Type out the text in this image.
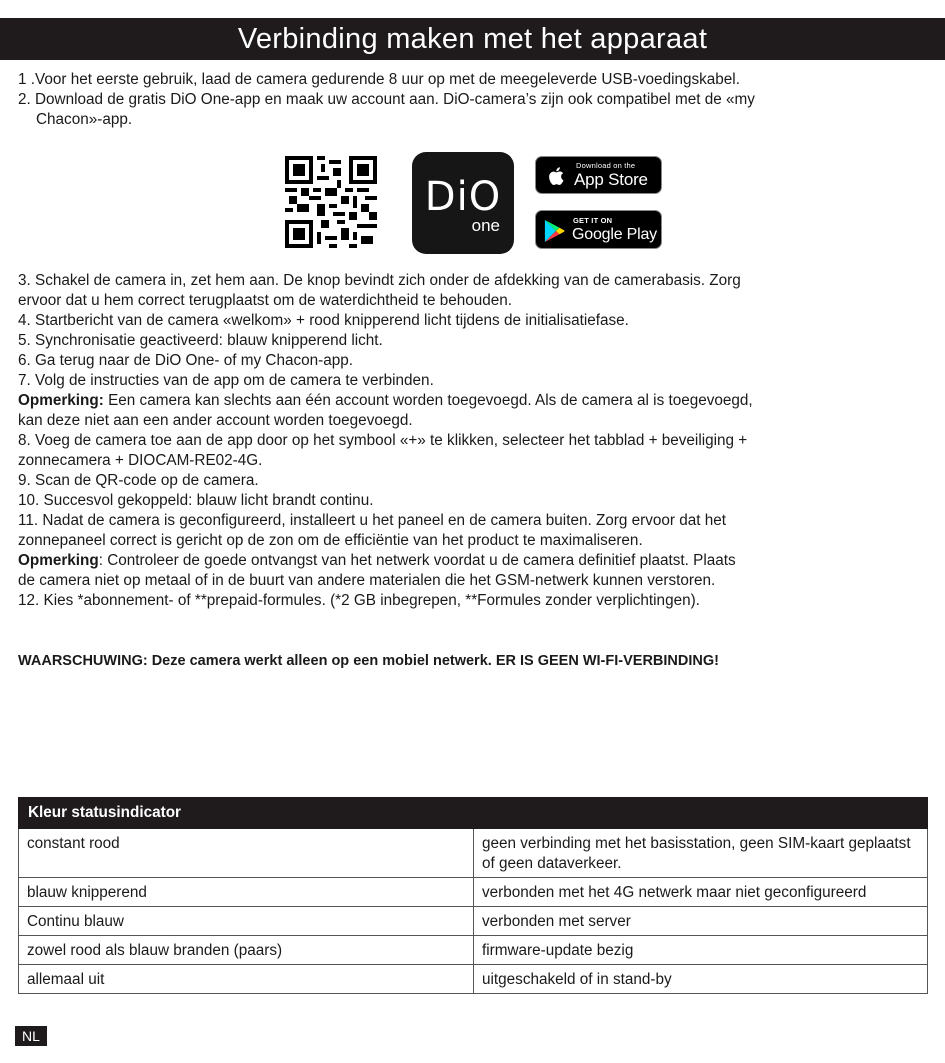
Verbinding maken met het apparaat

1 .Voor het eerste gebruik, laad de camera gedurende 8 uur op met de meegeleverde USB-voedingskabel.

2. Download de gratis DiO One-app en maak uw account aan. DiO-camera’s zijn ook compatibel met de «my

Chacon»-app.

DiO
one
Download on the
App Store
GET IT ON
Google Play

3. Schakel de camera in, zet hem aan. De knop bevindt zich onder de afdekking van de camerabasis. Zorg

ervoor dat u hem correct terugplaatst om de waterdichtheid te behouden.

4. Startbericht van de camera «welkom» + rood knipperend licht tijdens de initialisatiefase.

5. Synchronisatie geactiveerd: blauw knipperend licht.

6. Ga terug naar de DiO One- of my Chacon-app.

7. Volg de instructies van de app om de camera te verbinden.

Opmerking: Een camera kan slechts aan één account worden toegevoegd. Als de camera al is toegevoegd,

kan deze niet aan een ander account worden toegevoegd.

8. Voeg de camera toe aan de app door op het symbool «+» te klikken, selecteer het tabblad + beveiliging +

zonnecamera + DIOCAM-RE02-4G.

9. Scan de QR-code op de camera.

10. Succesvol gekoppeld: blauw licht brandt continu.

11. Nadat de camera is geconfigureerd, installeert u het paneel en de camera buiten. Zorg ervoor dat het

zonnepaneel correct is gericht op de zon om de efficiëntie van het product te maximaliseren.

Opmerking: Controleer de goede ontvangst van het netwerk voordat u de camera definitief plaatst. Plaats

de camera niet op metaal of in de buurt van andere materialen die het GSM-netwerk kunnen verstoren.

12. Kies *abonnement- of **prepaid-formules. (*2 GB inbegrepen, **Formules zonder verplichtingen).

WAARSCHUWING: Deze camera werkt alleen op een mobiel netwerk. ER IS GEEN WI-FI-VERBINDING!
Kleur statusindicator	
constant rood	geen verbinding met het basisstation, geen SIM-kaart geplaatst of geen dataverkeer.
blauw knipperend	verbonden met het 4G netwerk maar niet geconfigureerd
Continu blauw	verbonden met server
zowel rood als blauw branden (paars)	firmware-update bezig
allemaal uit	uitgeschakeld of in stand-by
NL
